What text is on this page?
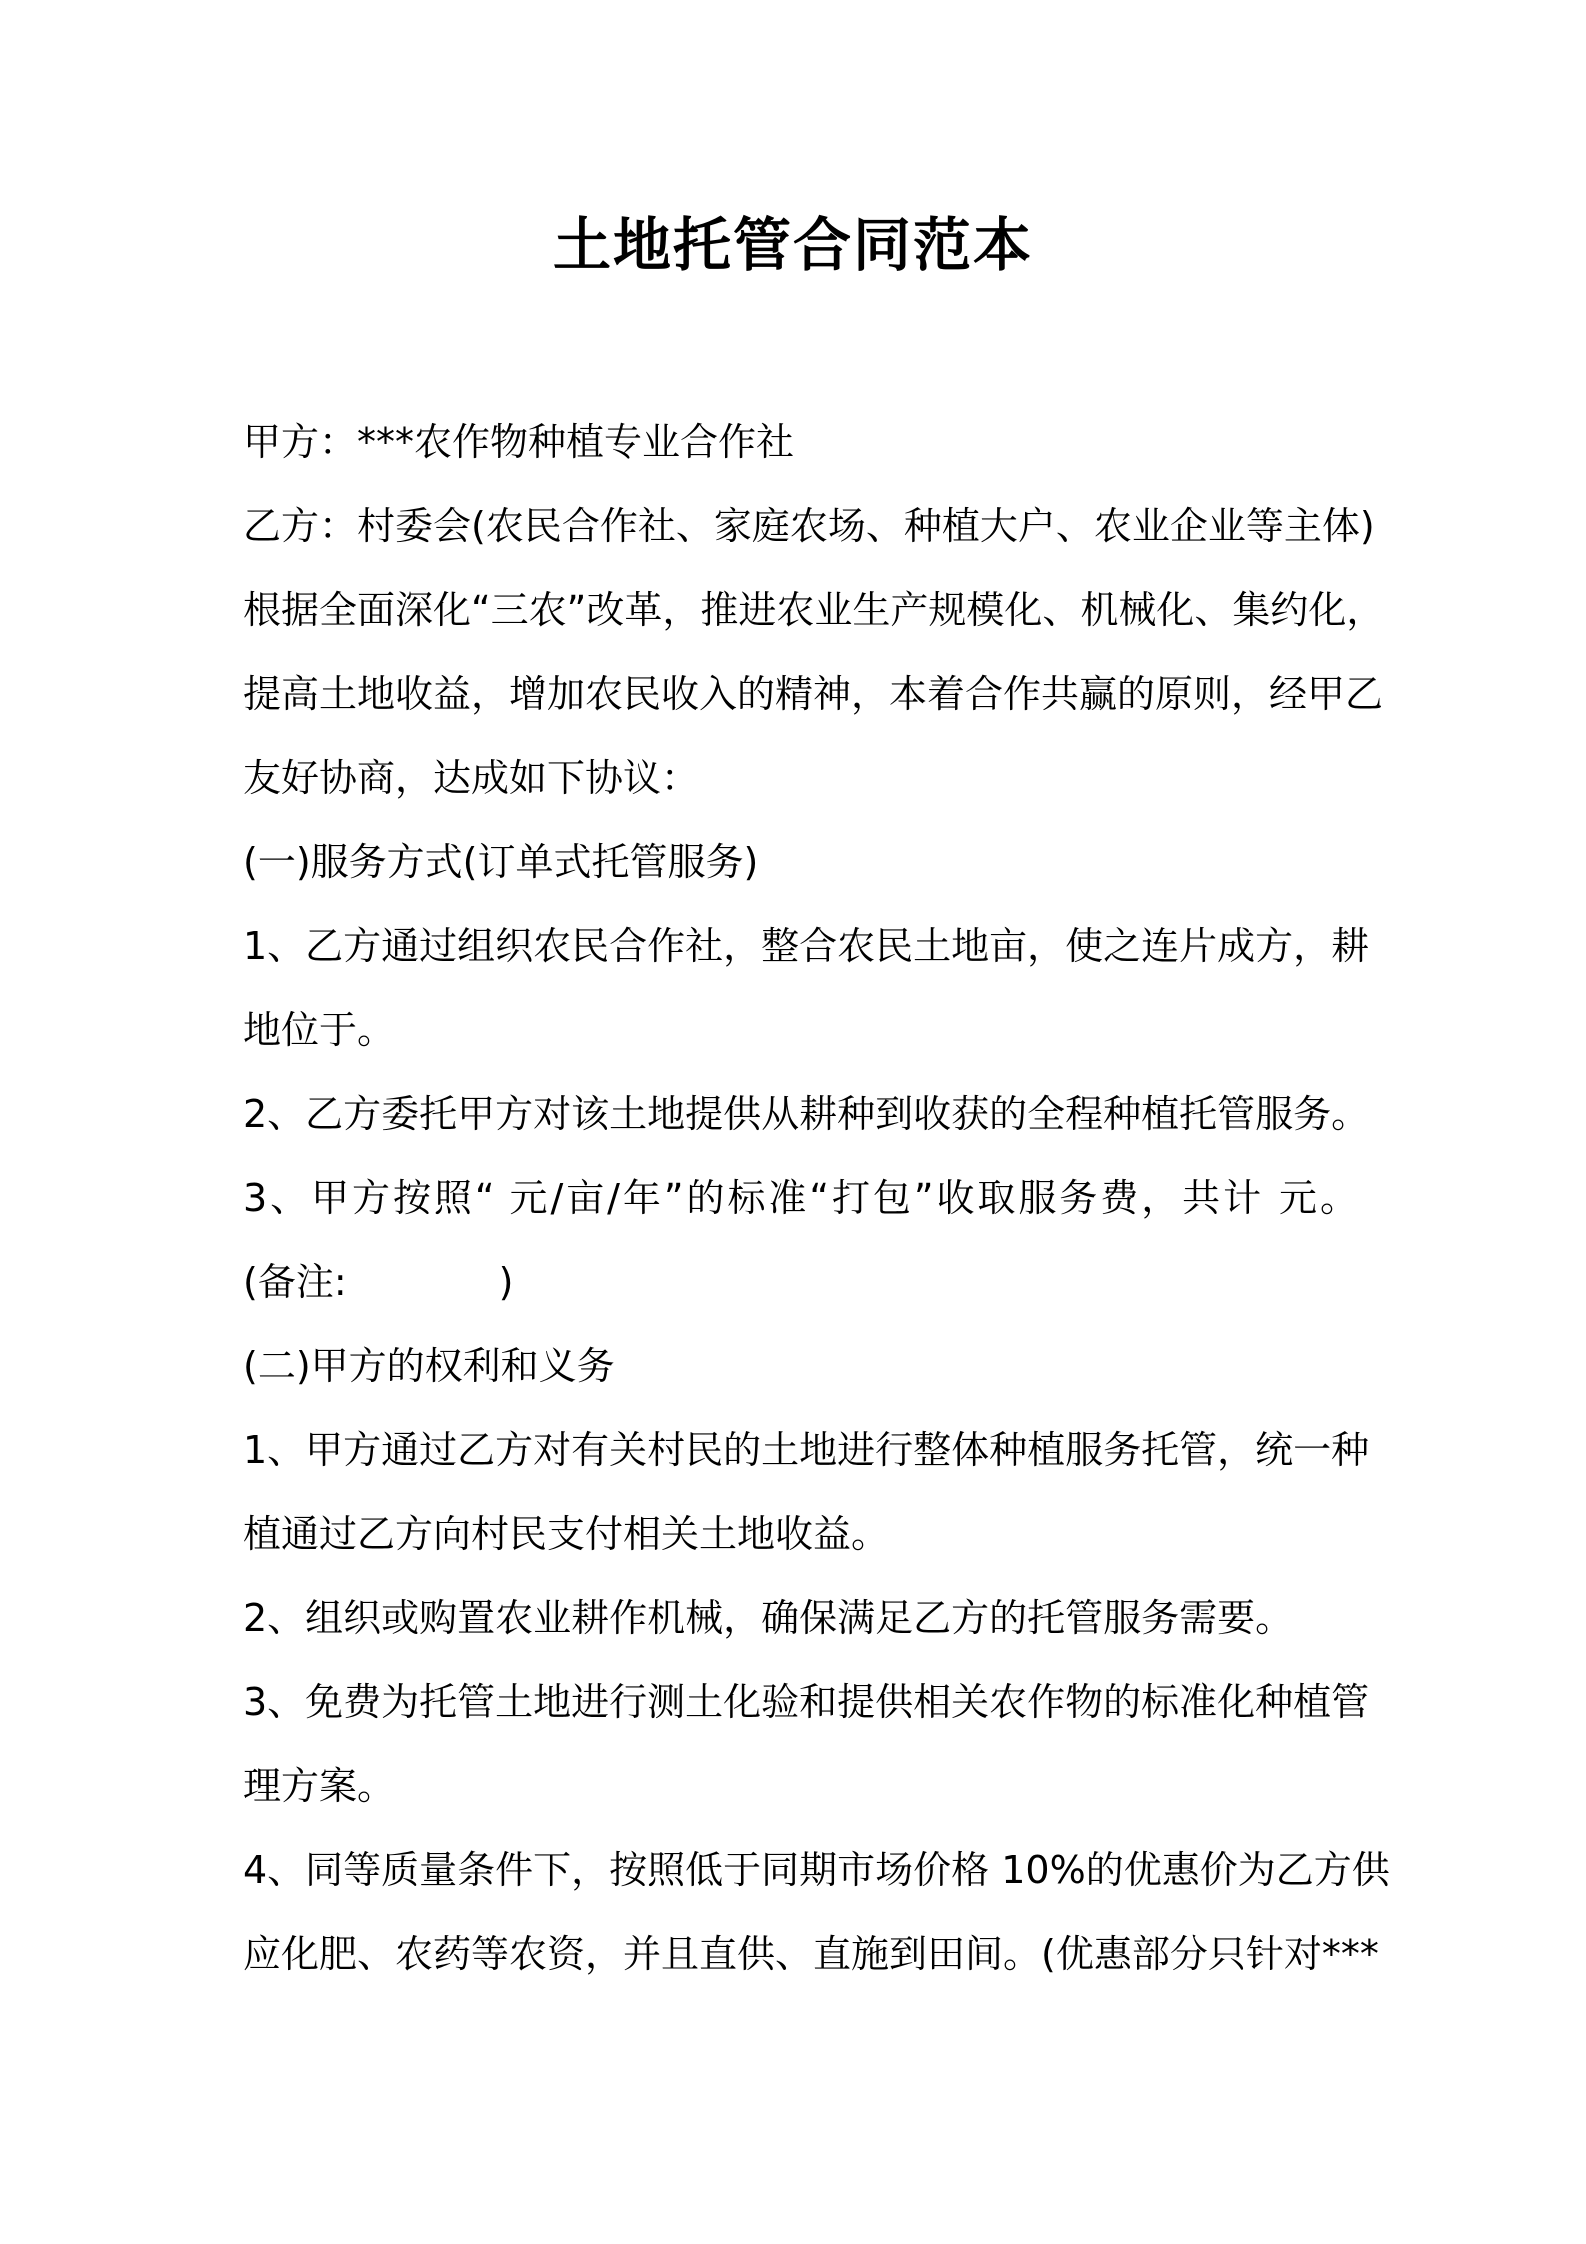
土地托管合同范本
甲方：***农作物种植专业合作社
乙方：村委会(农民合作社、家庭农场、种植大户、农业企业等主体)
根据全面深化“三农”改革，推进农业生产规模化、机械化、集约化，
提高土地收益，增加农民收入的精神，本着合作共赢的原则，经甲乙
友好协商，达成如下协议：
(一)服务方式(订单式托管服务)
1、乙方通过组织农民合作社，整合农民土地亩，使之连片成方，耕
地位于。
2、乙方委托甲方对该土地提供从耕种到收获的全程种植托管服务。
3、甲方按照“ 元/亩/年”的标准“打包”收取服务费，共计 元。
(备注:　　　　)
(二)甲方的权利和义务
1、甲方通过乙方对有关村民的土地进行整体种植服务托管，统一种
植通过乙方向村民支付相关土地收益。
2、组织或购置农业耕作机械，确保满足乙方的托管服务需要。
3、免费为托管土地进行测土化验和提供相关农作物的标准化种植管
理方案。
4、同等质量条件下，按照低于同期市场价格 10%的优惠价为乙方供
应化肥、农药等农资，并且直供、直施到田间。(优惠部分只针对***
